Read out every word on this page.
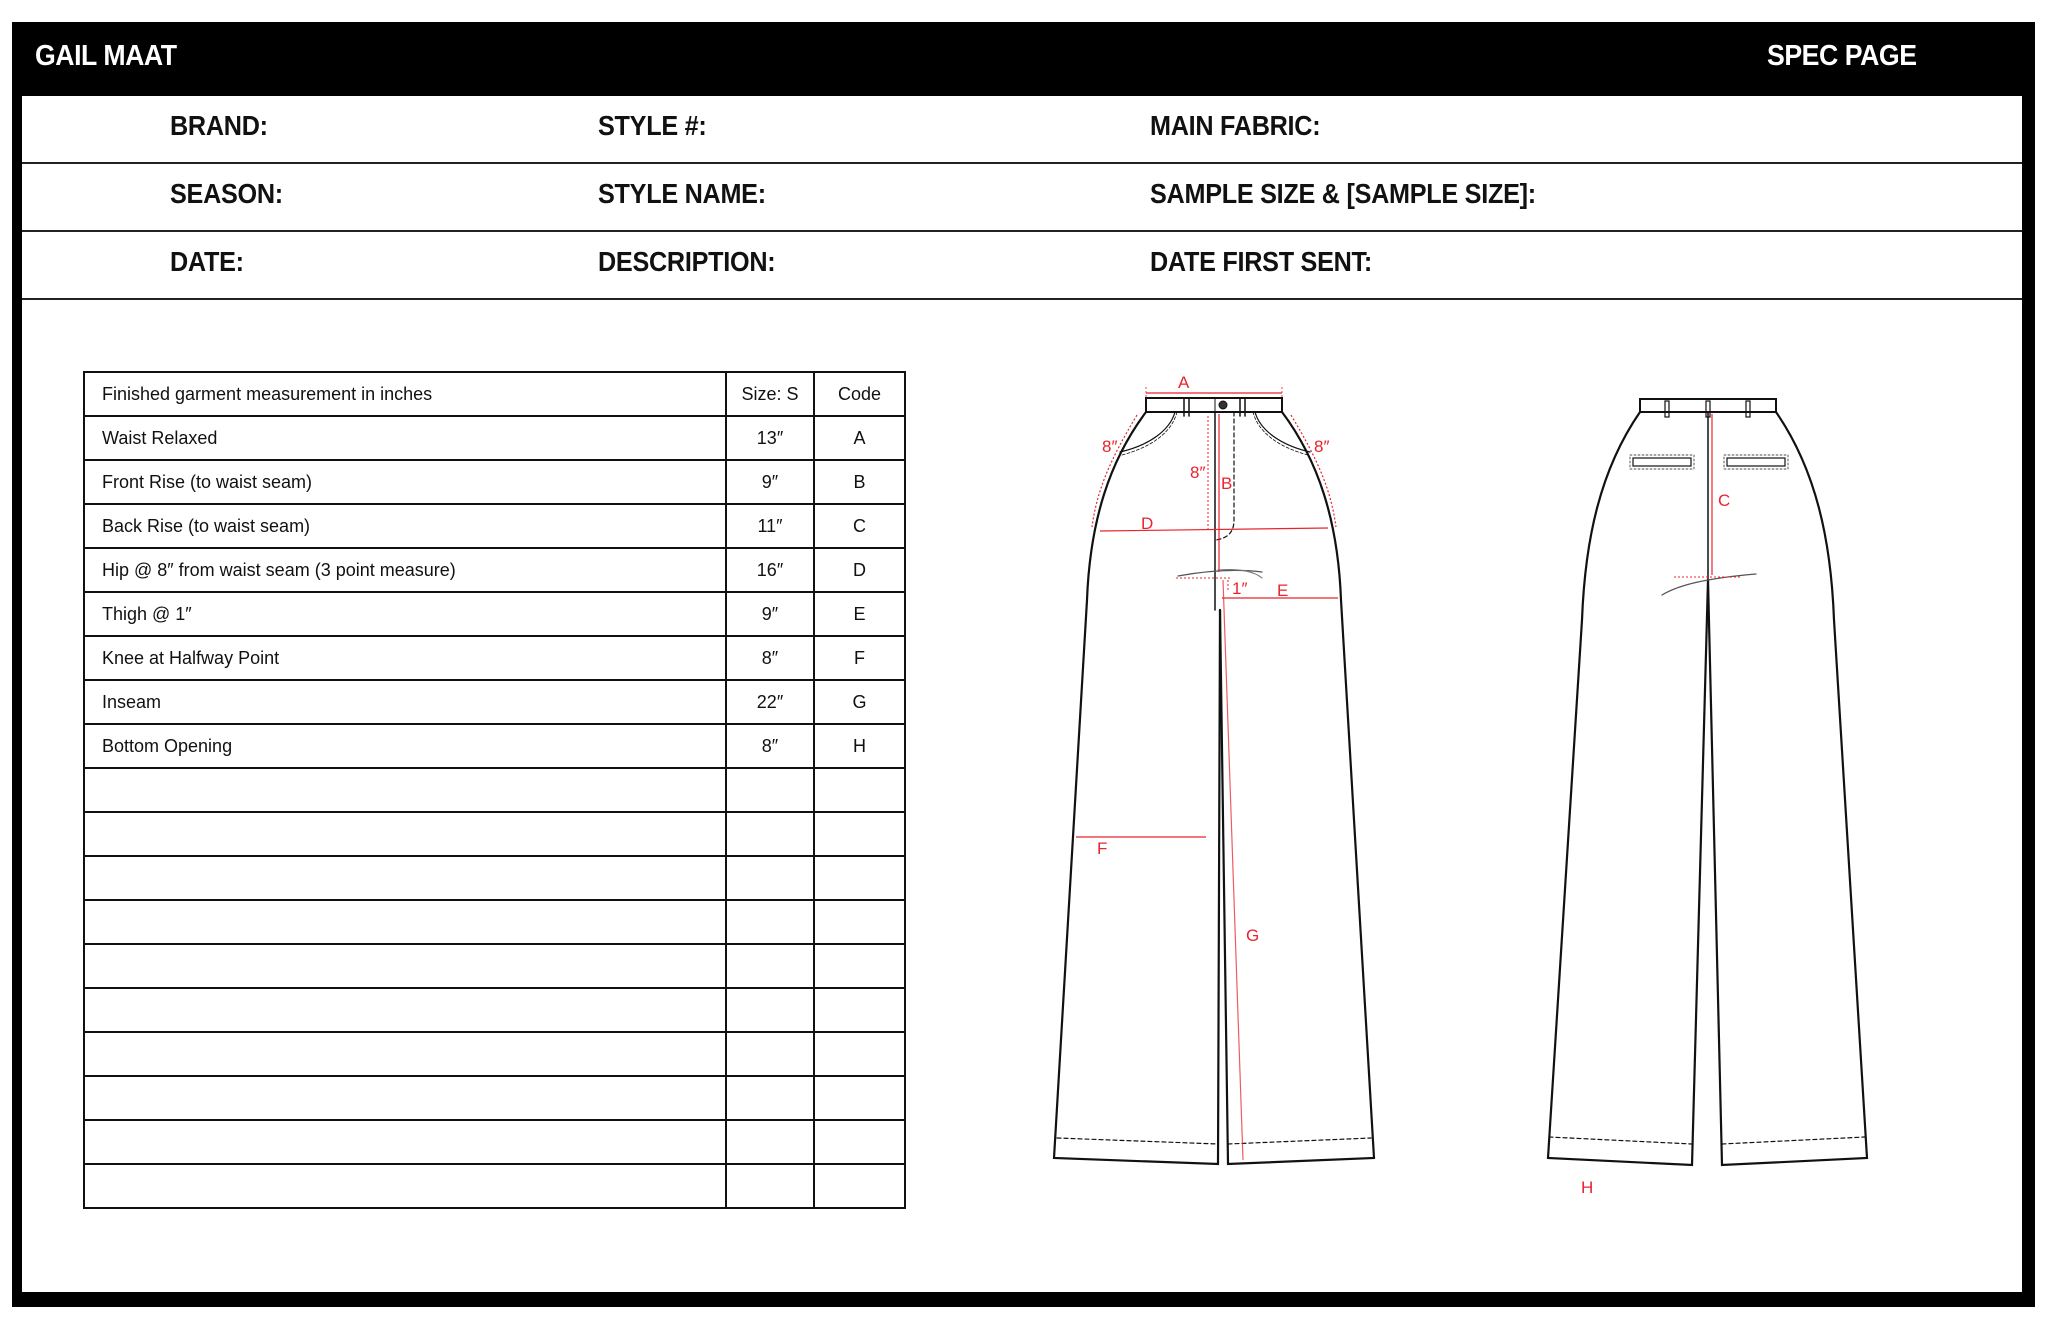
GAIL MAAT	SPEC PAGE
BRAND:	STYLE #:	MAIN FABRIC:
SEASON:	STYLE NAME:	SAMPLE SIZE & [SAMPLE SIZE]:
DATE:	DESCRIPTION:	DATE FIRST SENT:
Finished garment measurement in inches	Size: S	Code
Waist Relaxed	13″	A
Front Rise (to waist seam)	9″	B
Back Rise (to waist seam)	11″	C
Hip @ 8″ from waist seam (3 point measure)	16″	D
Thigh @ 1″	9″	E
Knee at Halfway Point	8″	F
Inseam	22″	G
Bottom Opening	8″	H

A
8″	8″
8″
B
D
1″ E
F
G
C
H
